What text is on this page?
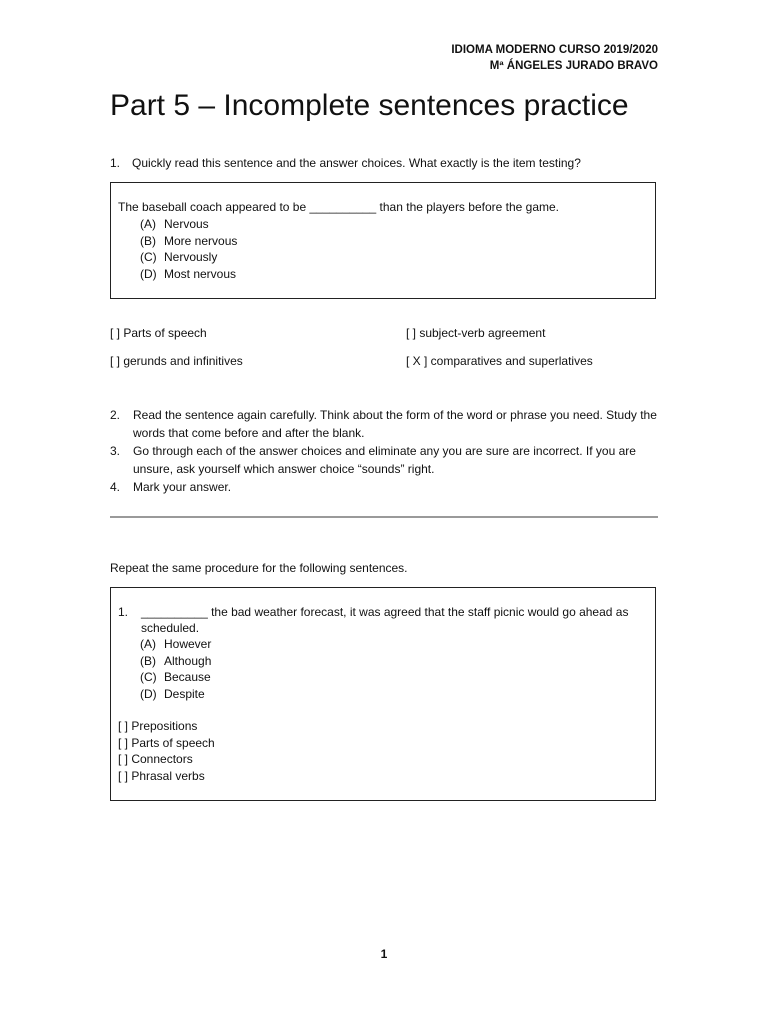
IDIOMA MODERNO CURSO 2019/2020
Mª ÁNGELES JURADO BRAVO
Part 5 – Incomplete sentences practice
1. Quickly read this sentence and the answer choices. What exactly is the item testing?
The baseball coach appeared to be __________ than the players before the game.
(A) Nervous
(B) More nervous
(C) Nervously
(D) Most nervous
[ ] Parts of speech	[ ] subject-verb agreement
[ ] gerunds and infinitives	[ X ] comparatives and superlatives
2.	Read the sentence again carefully. Think about the form of the word or phrase you need. Study the words that come before and after the blank.
3.	Go through each of the answer choices and eliminate any you are sure are incorrect. If you are unsure, ask yourself which answer choice “sounds” right.
4.	Mark your answer.
Repeat the same procedure for the following sentences.
1.	__________ the bad weather forecast, it was agreed that the staff picnic would go ahead as scheduled.
(A) However
(B) Although
(C) Because
(D) Despite
[ ] Prepositions
[ ] Parts of speech
[ ] Connectors
[ ] Phrasal verbs
1
